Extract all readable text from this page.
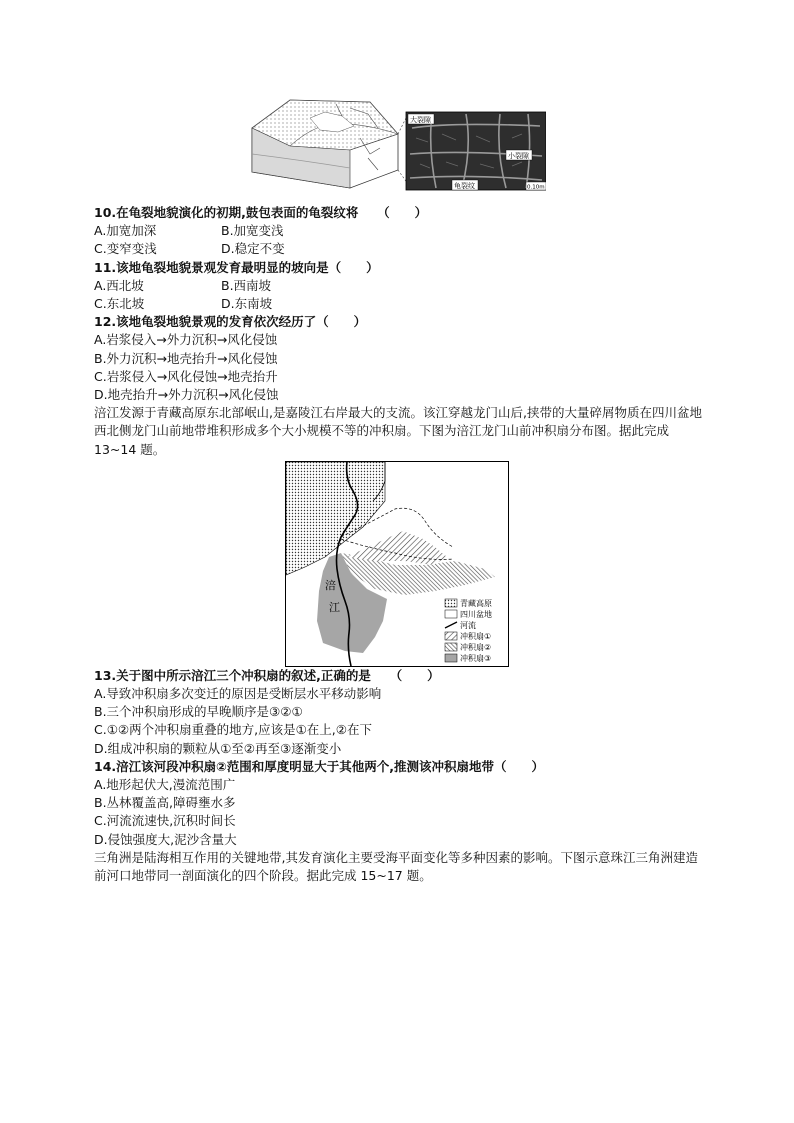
大裂隙
小裂隙
龟裂纹	0.10m
10.在龟裂地貌演化的初期,鼓包表面的龟裂纹将　　（　　）
A.加宽加深	B.加宽变浅
C.变窄变浅	D.稳定不变
11.该地龟裂地貌景观发育最明显的坡向是（　　）
A.西北坡	B.西南坡
C.东北坡	D.东南坡
12.该地龟裂地貌景观的发育依次经历了（　　）
A.岩浆侵入→外力沉积→风化侵蚀
B.外力沉积→地壳抬升→风化侵蚀
C.岩浆侵入→风化侵蚀→地壳抬升
D.地壳抬升→外力沉积→风化侵蚀
涪江发源于青藏高原东北部岷山,是嘉陵江右岸最大的支流。该江穿越龙门山后,挟带的大量碎屑物质在四川盆地西北侧龙门山前地带堆积形成多个大小规模不等的冲积扇。下图为涪江龙门山前冲积扇分布图。据此完成 13~14 题。
涪
江	青藏高原
四川盆地
河流
冲积扇①
冲积扇②
冲积扇③
13.关于图中所示涪江三个冲积扇的叙述,正确的是　　（　　）
A.导致冲积扇多次变迁的原因是受断层水平移动影响
B.三个冲积扇形成的早晚顺序是③②①
C.①②两个冲积扇重叠的地方,应该是①在上,②在下
D.组成冲积扇的颗粒从①至②再至③逐渐变小
14.涪江该河段冲积扇②范围和厚度明显大于其他两个,推测该冲积扇地带（　　）
A.地形起伏大,漫流范围广
B.丛林覆盖高,障碍壅水多
C.河流流速快,沉积时间长
D.侵蚀强度大,泥沙含量大
三角洲是陆海相互作用的关键地带,其发育演化主要受海平面变化等多种因素的影响。下图示意珠江三角洲建造前河口地带同一剖面演化的四个阶段。据此完成 15~17 题。
